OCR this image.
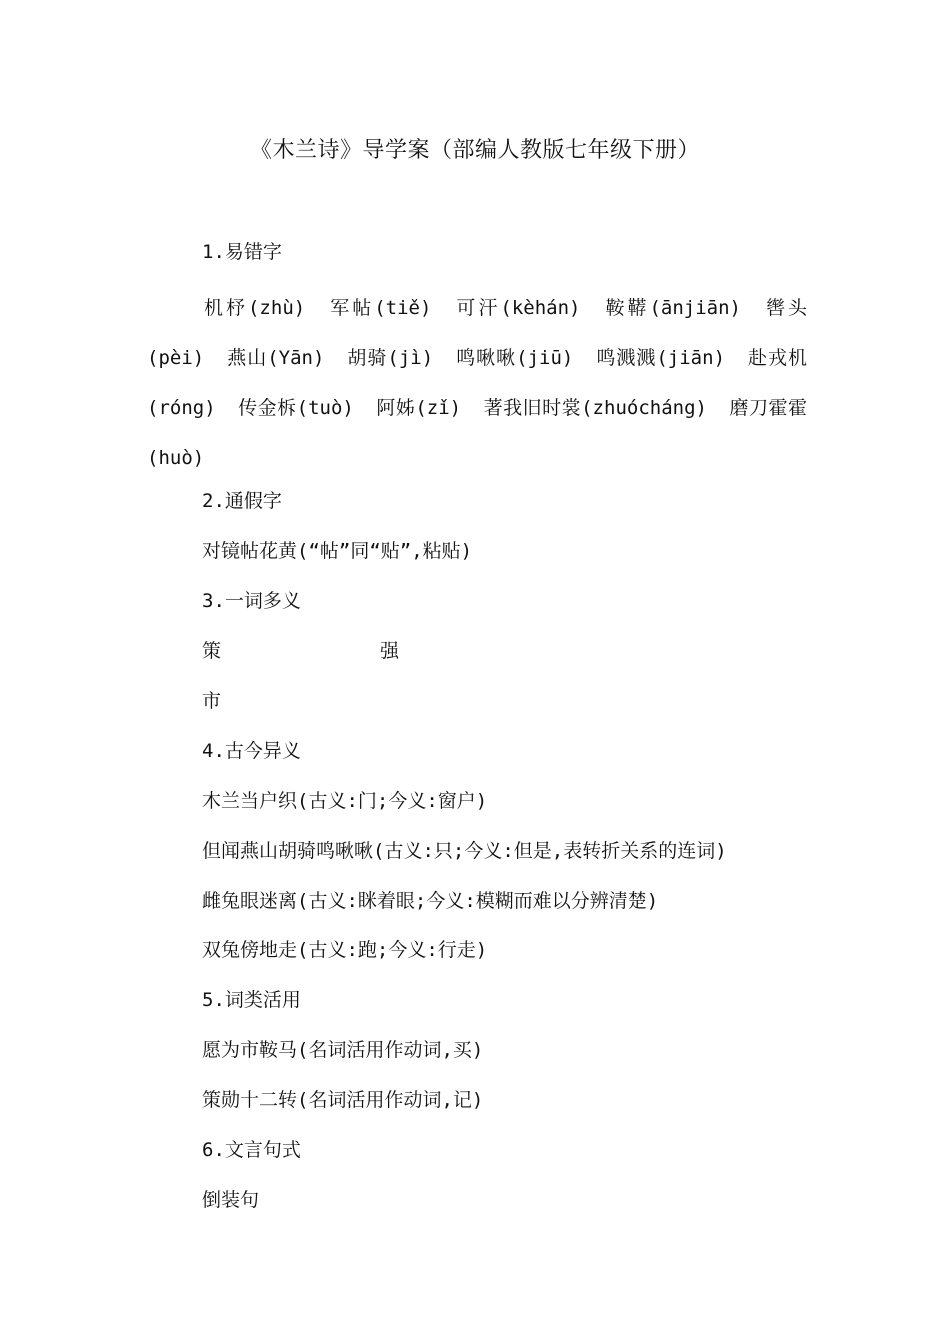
《木兰诗》导学案（部编人教版七年级下册）
1.易错字
机杼(zhù) 军帖(tiě) 可汗(kèhán) 鞍鞯(ānjiān) 辔头(pèi) 燕山(Yān) 胡骑(jì) 鸣啾啾(jiū) 鸣溅溅(jiān) 赴戎机(róng) 传金柝(tuò) 阿姊(zǐ) 著我旧时裳(zhuócháng) 磨刀霍霍(huò)
2.通假字
对镜帖花黄(“帖”同“贴”,粘贴)
3.一词多义
策	强
市
4.古今异义
木兰当户织(古义:门;今义:窗户)
但闻燕山胡骑鸣啾啾(古义:只;今义:但是,表转折关系的连词)
雌兔眼迷离(古义:眯着眼;今义:模糊而难以分辨清楚)
双兔傍地走(古义:跑;今义:行走)
5.词类活用
愿为市鞍马(名词活用作动词,买)
策勋十二转(名词活用作动词,记)
6.文言句式
倒装句
